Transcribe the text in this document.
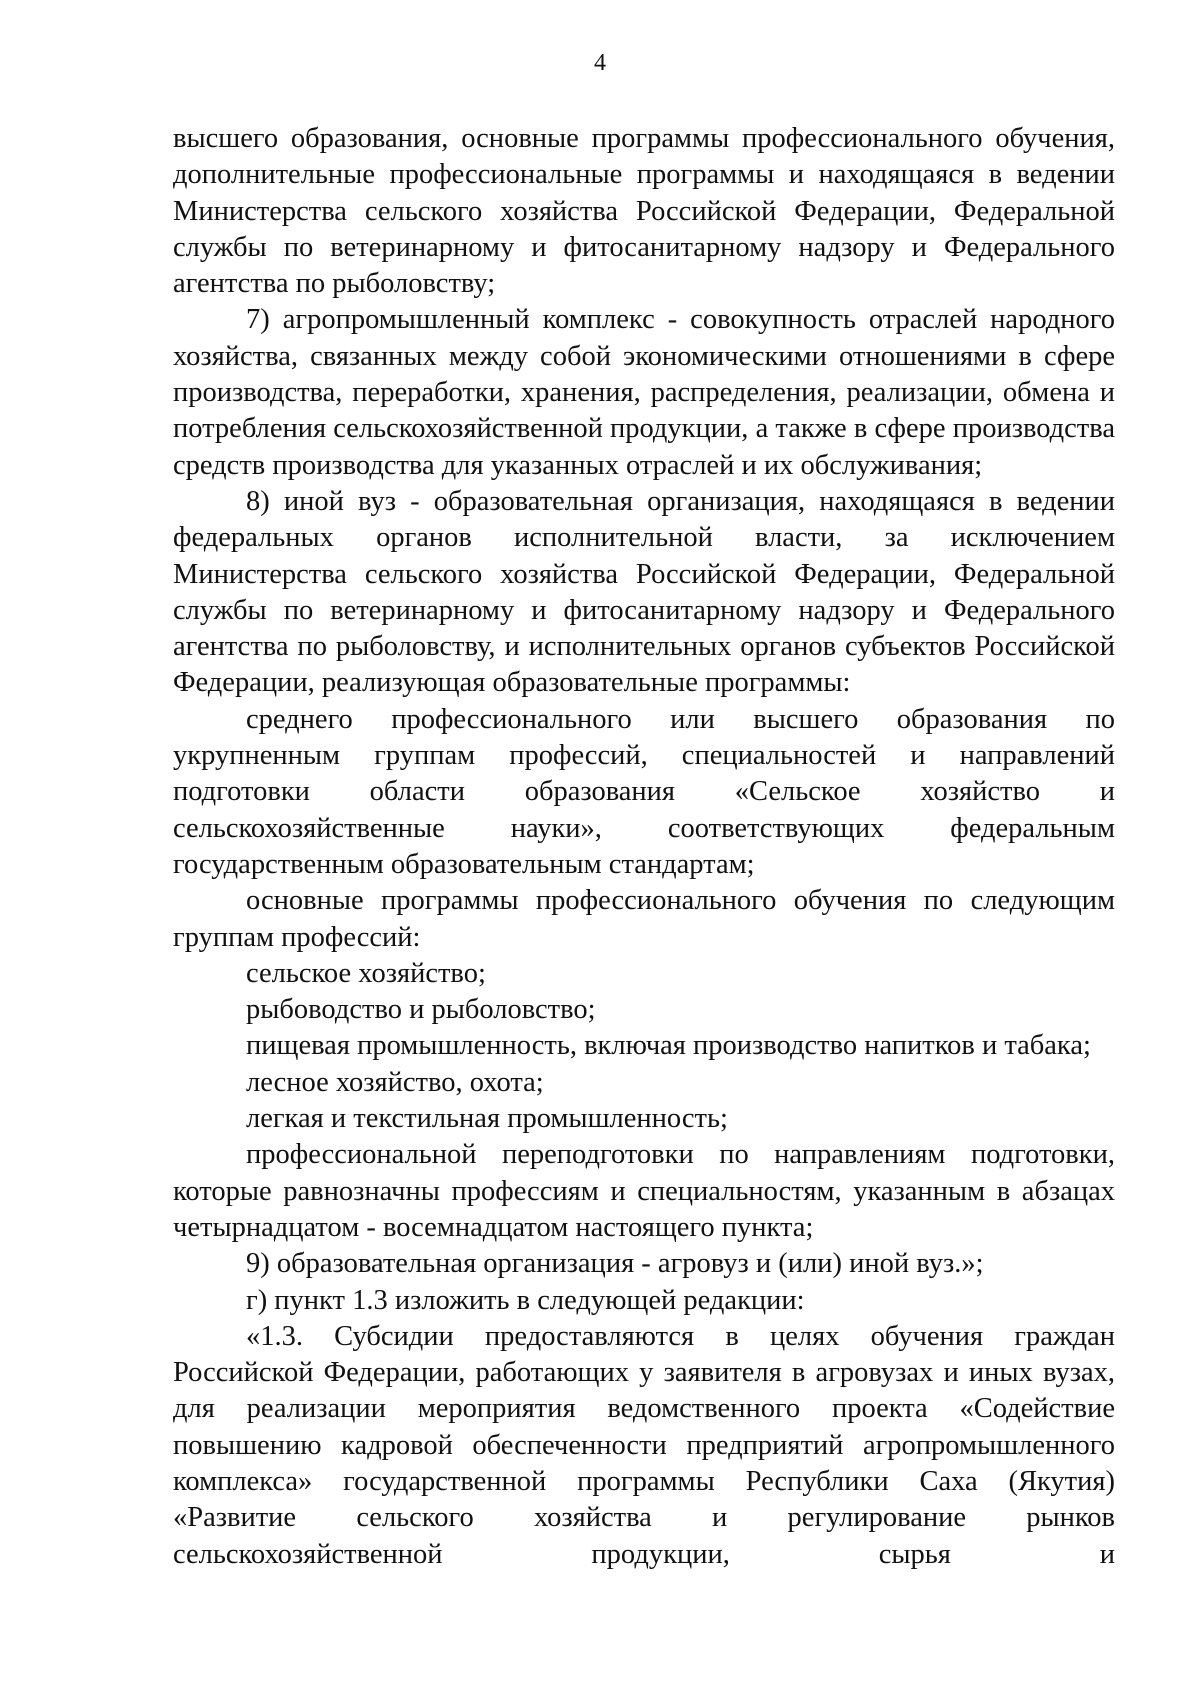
4

высшего образования, основные программы профессионального обучения, дополнительные профессиональные программы и находящаяся в ведении Министерства сельского хозяйства Российской Федерации, Федеральной службы по ветеринарному и фитосанитарному надзору и Федерального агентства по рыболовству;

7) агропромышленный комплекс - совокупность отраслей народного хозяйства, связанных между собой экономическими отношениями в сфере производства, переработки, хранения, распределения, реализации, обмена и потребления сельскохозяйственной продукции, а также в сфере производства средств производства для указанных отраслей и их обслуживания;

8) иной вуз - образовательная организация, находящаяся в ведении федеральных органов исполнительной власти, за исключением Министерства сельского хозяйства Российской Федерации, Федеральной службы по ветеринарному и фитосанитарному надзору и Федерального агентства по рыболовству, и исполнительных органов субъектов Российской Федерации, реализующая образовательные программы:

среднего профессионального или высшего образования по укрупненным группам профессий, специальностей и направлений подготовки области образования «Сельское хозяйство и сельскохозяйственные науки», соответствующих федеральным государственным образовательным стандартам;

основные программы профессионального обучения по следующим группам профессий:

сельское хозяйство;

рыбоводство и рыболовство;

пищевая промышленность, включая производство напитков и табака;

лесное хозяйство, охота;

легкая и текстильная промышленность;

профессиональной переподготовки по направлениям подготовки, которые равнозначны профессиям и специальностям, указанным в абзацах четырнадцатом - восемнадцатом настоящего пункта;

9) образовательная организация - агровуз и (или) иной вуз.»;

г) пункт 1.3 изложить в следующей редакции:

«1.3. Субсидии предоставляются в целях обучения граждан Российской Федерации, работающих у заявителя в агровузах и иных вузах, для реализации мероприятия ведомственного проекта «Содействие повышению кадровой обеспеченности предприятий агропромышленного комплекса» государственной программы Республики Саха (Якутия) «Развитие сельского хозяйства и регулирование рынков сельскохозяйственной продукции, сырья и
